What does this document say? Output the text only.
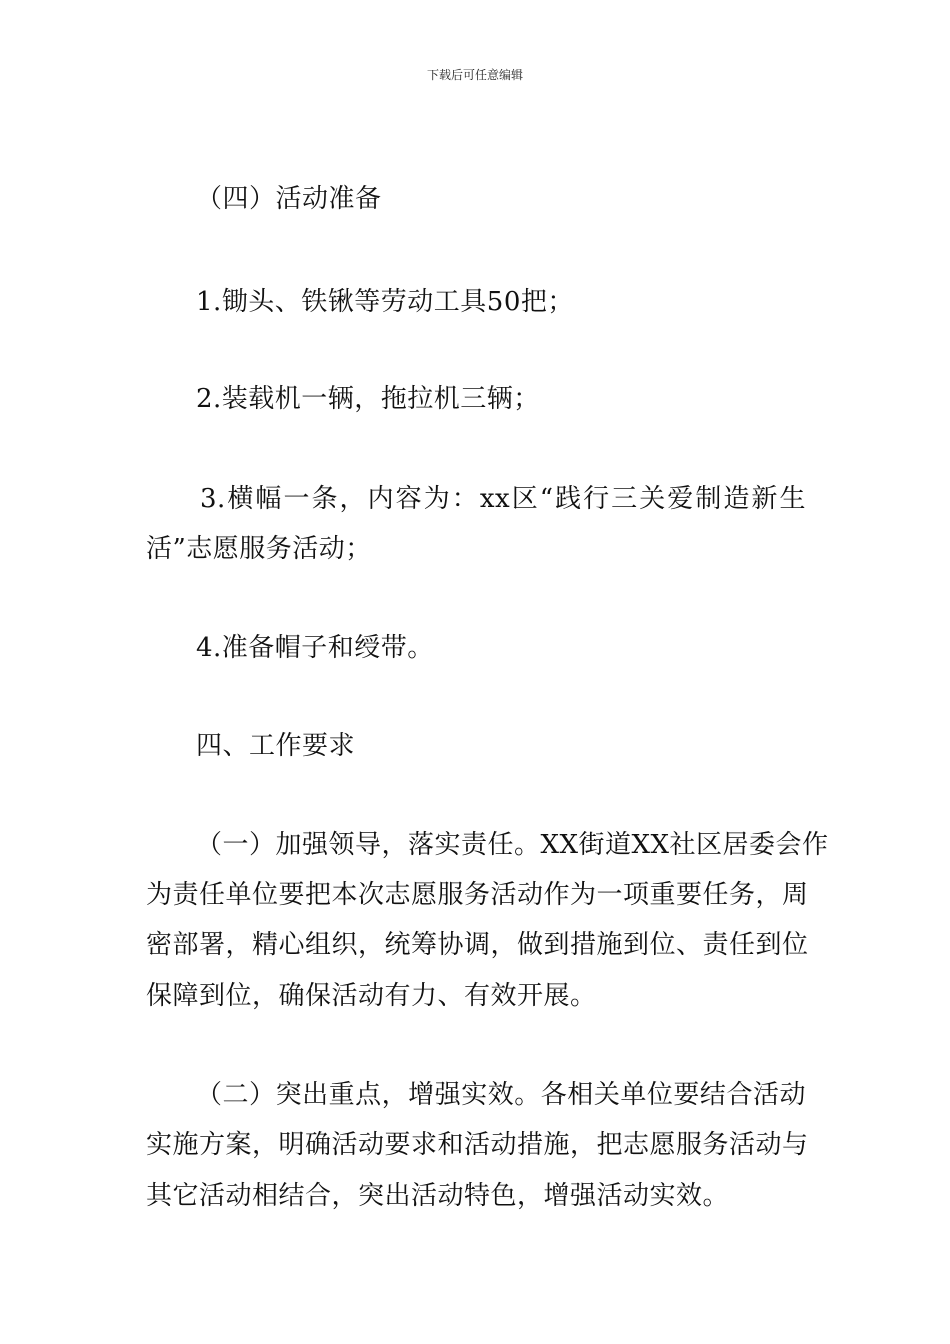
下载后可任意编辑
（四）活动准备
1.锄头、铁锹等劳动工具50把；
2.装载机一辆，拖拉机三辆；
3.横幅一条，内容为：xx区“践行三关爱制造新生
活”志愿服务活动；
4.准备帽子和绶带。
四、工作要求
（一）加强领导，落实责任。XX街道XX社区居委会作
为责任单位要把本次志愿服务活动作为一项重要任务，周
密部署，精心组织，统筹协调，做到措施到位、责任到位
保障到位，确保活动有力、有效开展。
（二）突出重点，增强实效。各相关单位要结合活动
实施方案，明确活动要求和活动措施，把志愿服务活动与
其它活动相结合，突出活动特色，增强活动实效。
